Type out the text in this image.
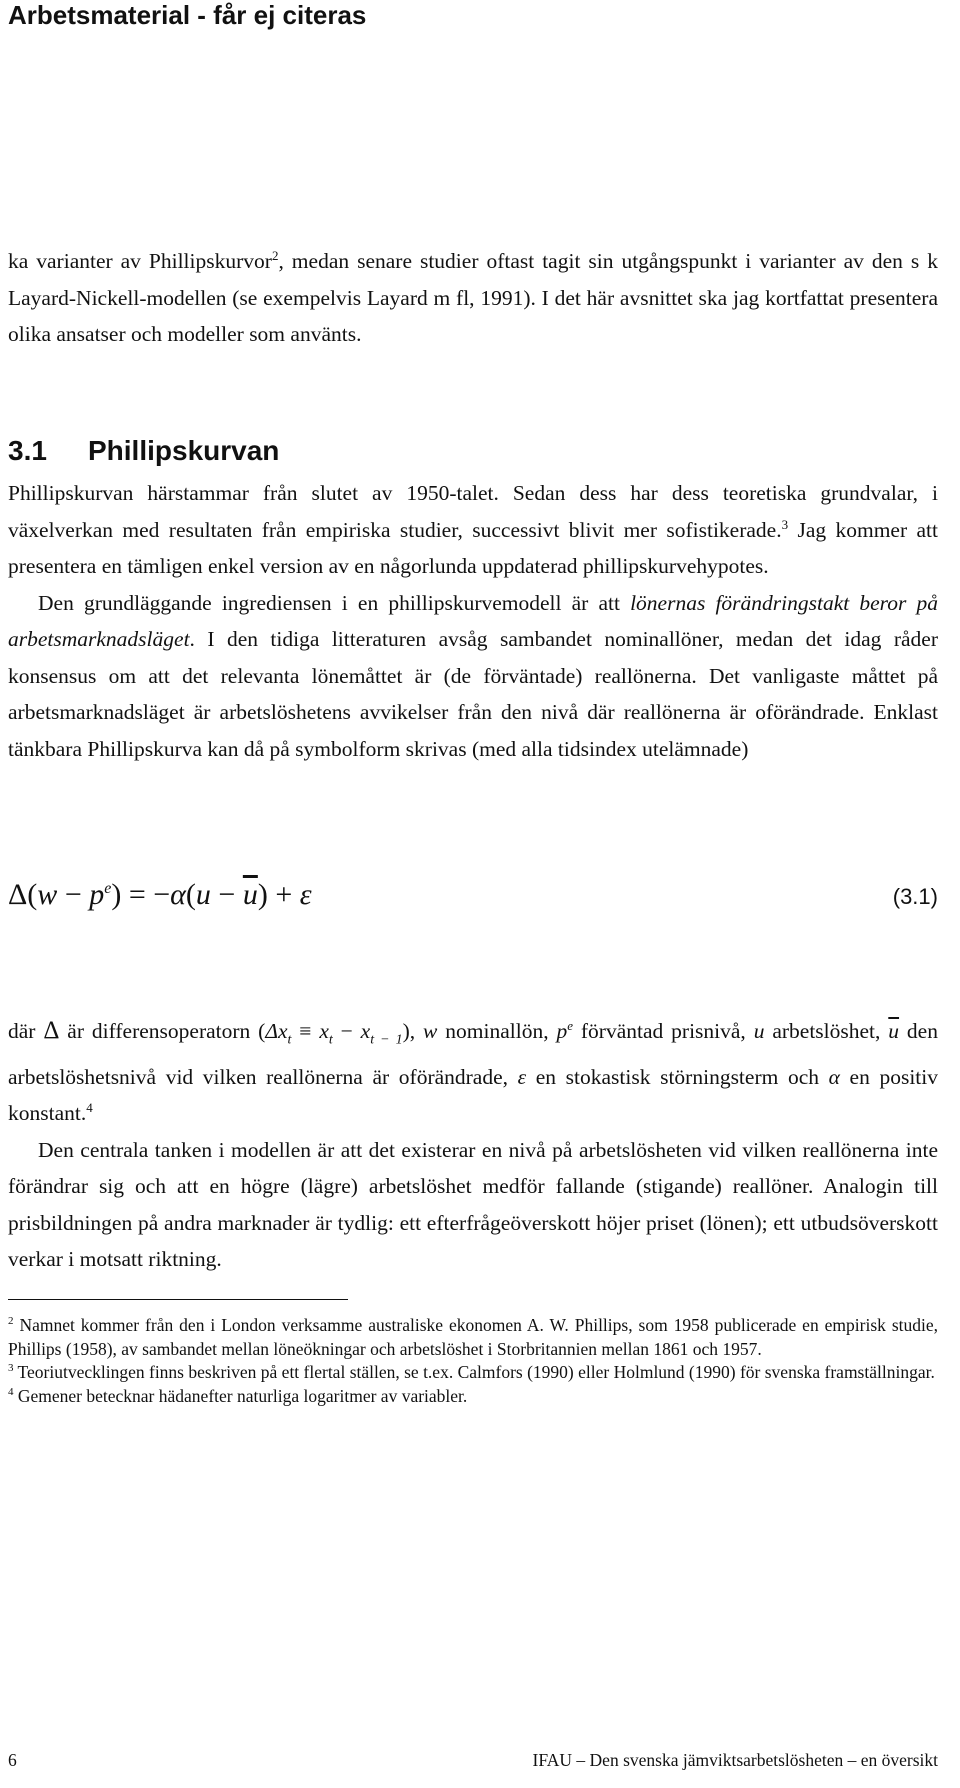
Arbetsmaterial - får ej citeras

ka varianter av Phillipskurvor$^2$, medan senare studier oftast tagit sin utgångspunkt i varianter av den s k Layard-Nickell-modellen (se exempelvis Layard m fl, 1991). I det här avsnittet ska jag kortfattat presentera olika ansatser och modeller som använts.

3.1 Phillipskurvan

Phillipskurvan härstammar från slutet av 1950-talet. Sedan dess har dess teoretiska grundvalar, i växelverkan med resultaten från empiriska studier, successivt blivit mer sofistikerade.$^3$ Jag kommer att presentera en tämligen enkel version av en någorlunda uppdaterad phillipskurvehypotes.

Den grundläggande ingrediensen i en phillipskurvemodell är att lönernas förändringstakt beror på arbetsmarknadsläget. I den tidiga litteraturen avsåg sambandet nominallöner, medan det idag råder konsensus om att det relevanta lönemåttet är (de förväntade) reallönerna. Det vanligaste måttet på arbetsmarknadsläget är arbetslöshetens avvikelser från den nivå där reallönerna är oförändrade. Enklast tänkbara Phillipskurva kan då på symbolform skrivas (med alla tidsindex utelämnade)

$\Delta(w - p^e) = -\alpha(u - \overline{u}) + \varepsilon$	(3.1)

där Δ är differensoperatorn $(\Delta x_t \equiv x_t - x_{t - 1})$, w nominallön, $p^e$ förväntad prisnivå, u arbetslöshet, $\overline{u}$ den arbetslöshetsnivå vid vilken reallönerna är oförändrade, ε en stokastisk störningsterm och α en positiv konstant.$^4$

Den centrala tanken i modellen är att det existerar en nivå på arbetslösheten vid vilken reallönerna inte förändrar sig och att en högre (lägre) arbetslöshet medför fallande (stigande) reallöner. Analogin till prisbildningen på andra marknader är tydlig: ett efterfrågeöverskott höjer priset (lönen); ett utbudsöverskott verkar i motsatt riktning.

$^2$ Namnet kommer från den i London verksamme australiske ekonomen A. W. Phillips, som 1958 publicerade en empirisk studie, Phillips (1958), av sambandet mellan löneökningar och arbetslöshet i Storbritannien mellan 1861 och 1957.

$^3$ Teoriutvecklingen finns beskriven på ett flertal ställen, se t.ex. Calmfors (1990) eller Holmlund (1990) för svenska framställningar.

$^4$ Gemener betecknar hädanefter naturliga logaritmer av variabler.

6	IFAU – Den svenska jämviktsarbetslösheten – en översikt
